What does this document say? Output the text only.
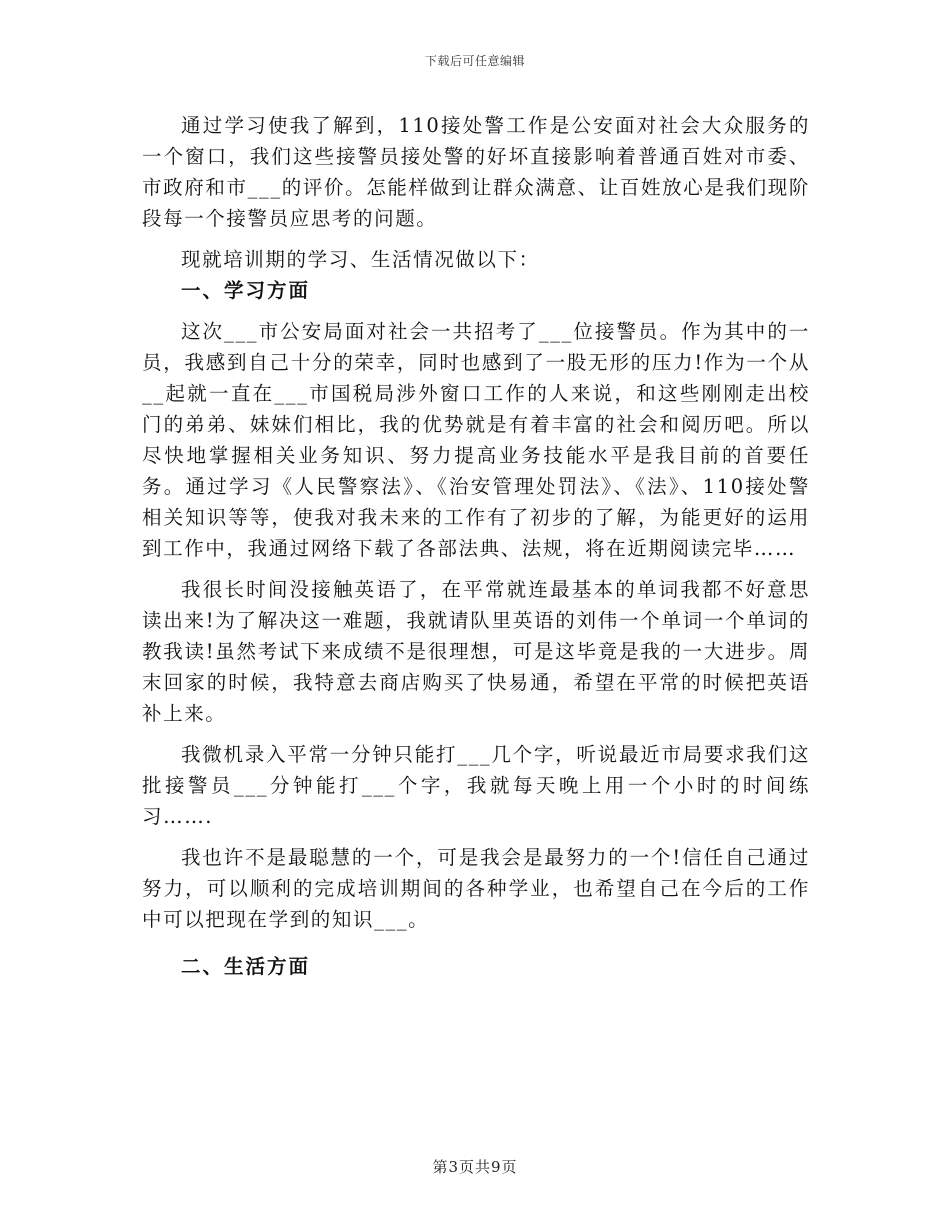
下载后可任意编辑

通过学习使我了解到，110接处警工作是公安面对社会大众服务的一个窗口，我们这些接警员接处警的好坏直接影响着普通百姓对市委、市政府和市___的评价。怎能样做到让群众满意、让百姓放心是我们现阶段每一个接警员应思考的问题。

现就培训期的学习、生活情况做以下：

一、学习方面

这次___市公安局面对社会一共招考了___位接警员。作为其中的一员，我感到自己十分的荣幸，同时也感到了一股无形的压力!作为一个从__起就一直在___市国税局涉外窗口工作的人来说，和这些刚刚走出校门的弟弟、妹妹们相比，我的优势就是有着丰富的社会和阅历吧。所以尽快地掌握相关业务知识、努力提高业务技能水平是我目前的首要任务。通过学习《人民警察法》、《治安管理处罚法》、《法》、110接处警相关知识等等，使我对我未来的工作有了初步的了解，为能更好的运用到工作中，我通过网络下载了各部法典、法规，将在近期阅读完毕……

我很长时间没接触英语了，在平常就连最基本的单词我都不好意思读出来!为了解决这一难题，我就请队里英语的刘伟一个单词一个单词的教我读!虽然考试下来成绩不是很理想，可是这毕竟是我的一大进步。周末回家的时候，我特意去商店购买了快易通，希望在平常的时候把英语补上来。

我微机录入平常一分钟只能打___几个字，听说最近市局要求我们这批接警员___分钟能打___个字，我就每天晚上用一个小时的时间练习…….

我也许不是最聪慧的一个，可是我会是最努力的一个!信任自己通过努力，可以顺利的完成培训期间的各种学业，也希望自己在今后的工作中可以把现在学到的知识___。

二、生活方面

第3页共9页
